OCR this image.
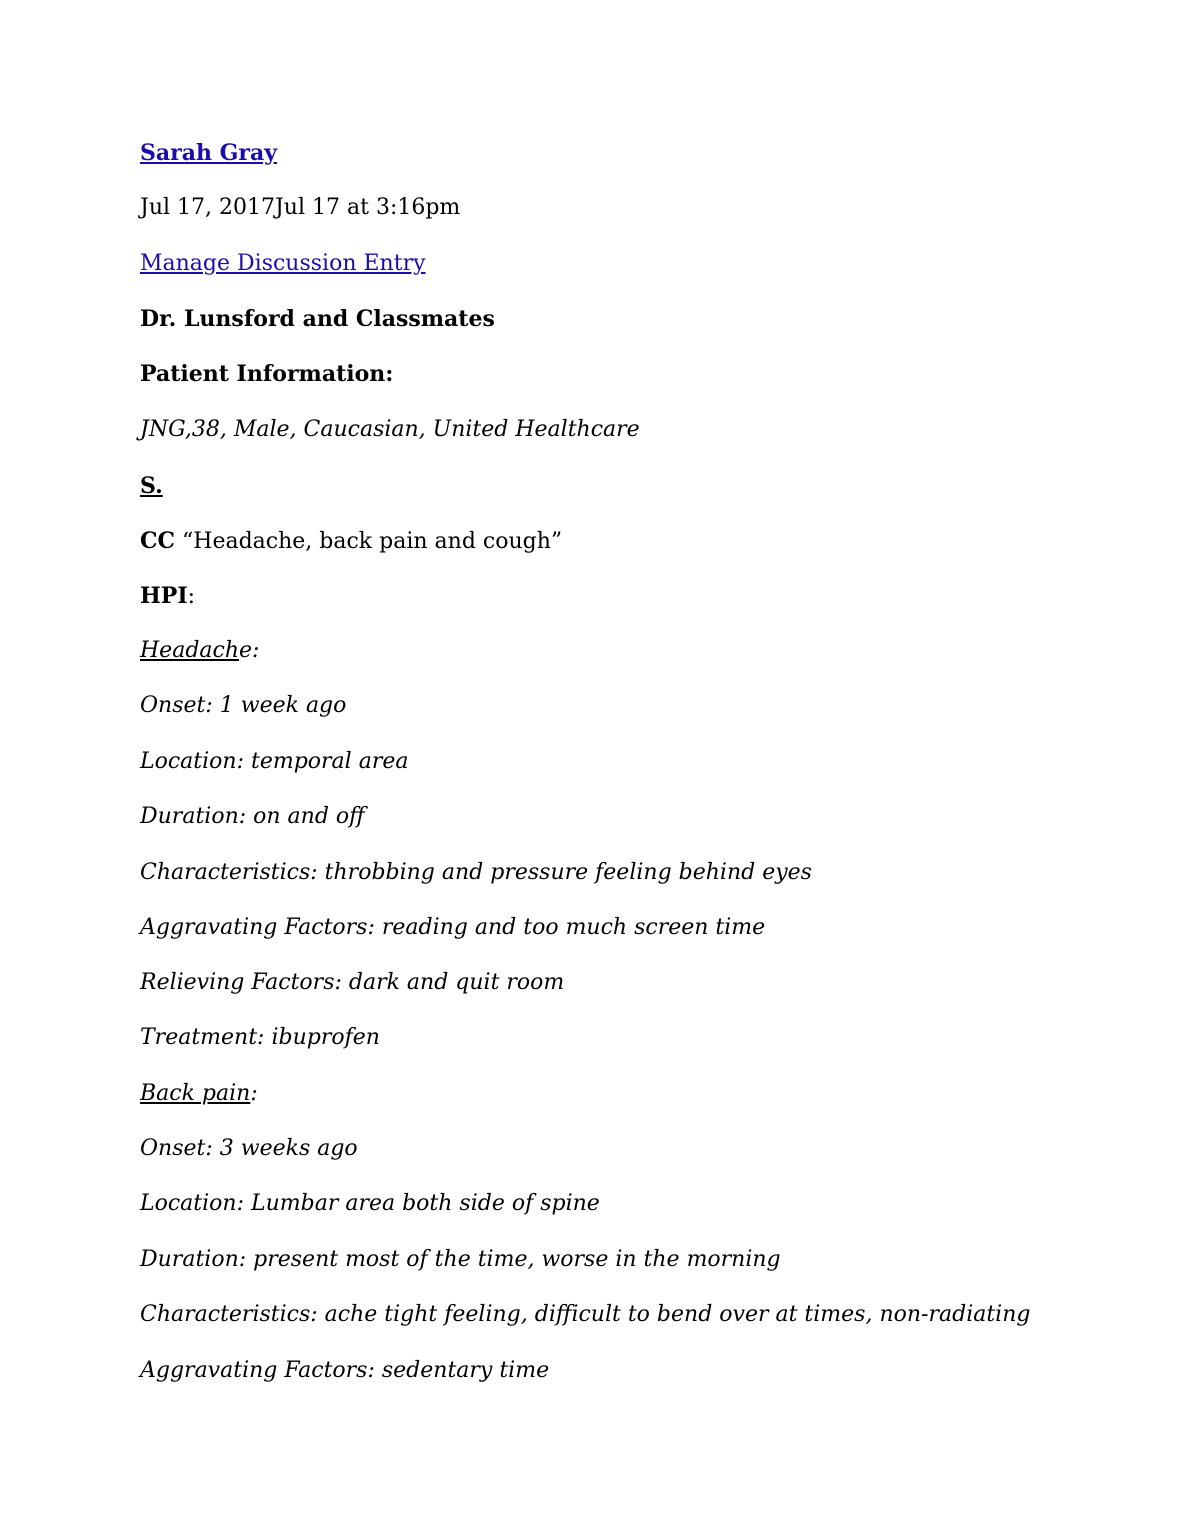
Sarah Gray
Jul 17, 2017Jul 17 at 3:16pm
Manage Discussion Entry
Dr. Lunsford and Classmates
Patient Information:
JNG,38, Male, Caucasian, United Healthcare
S.
CC “Headache, back pain and cough”
HPI:
Headache:
Onset: 1 week ago
Location: temporal area
Duration: on and off
Characteristics: throbbing and pressure feeling behind eyes
Aggravating Factors: reading and too much screen time
Relieving Factors: dark and quit room
Treatment: ibuprofen
Back pain:
Onset: 3 weeks ago
Location: Lumbar area both side of spine
Duration: present most of the time, worse in the morning
Characteristics: ache tight feeling, difficult to bend over at times, non-radiating
Aggravating Factors: sedentary time
